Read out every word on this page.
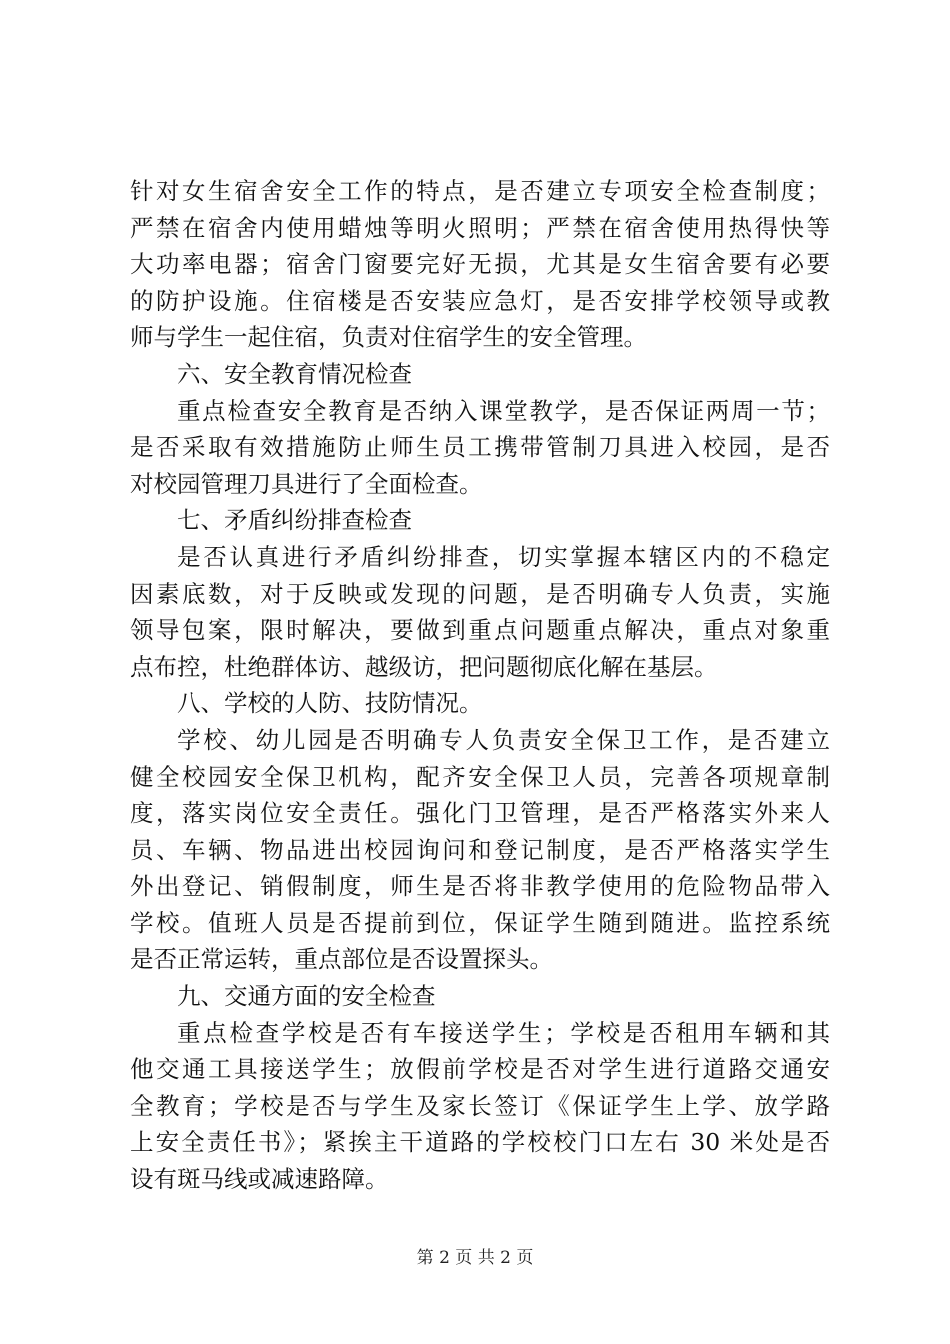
针对女生宿舍安全工作的特点，是否建立专项安全检查制度；
严禁在宿舍内使用蜡烛等明火照明；严禁在宿舍使用热得快等
大功率电器；宿舍门窗要完好无损，尤其是女生宿舍要有必要
的防护设施。住宿楼是否安装应急灯，是否安排学校领导或教
师与学生一起住宿，负责对住宿学生的安全管理。
六、安全教育情况检查
重点检查安全教育是否纳入课堂教学，是否保证两周一节；
是否采取有效措施防止师生员工携带管制刀具进入校园，是否
对校园管理刀具进行了全面检查。
七、矛盾纠纷排查检查
是否认真进行矛盾纠纷排查，切实掌握本辖区内的不稳定
因素底数，对于反映或发现的问题，是否明确专人负责，实施
领导包案，限时解决，要做到重点问题重点解决，重点对象重
点布控，杜绝群体访、越级访，把问题彻底化解在基层。
八、学校的人防、技防情况。
学校、幼儿园是否明确专人负责安全保卫工作，是否建立
健全校园安全保卫机构，配齐安全保卫人员，完善各项规章制
度，落实岗位安全责任。强化门卫管理，是否严格落实外来人
员、车辆、物品进出校园询问和登记制度，是否严格落实学生
外出登记、销假制度，师生是否将非教学使用的危险物品带入
学校。值班人员是否提前到位，保证学生随到随进。监控系统
是否正常运转，重点部位是否设置探头。
九、交通方面的安全检查
重点检查学校是否有车接送学生；学校是否租用车辆和其
他交通工具接送学生；放假前学校是否对学生进行道路交通安
全教育；学校是否与学生及家长签订《保证学生上学、放学路
上安全责任书》；紧挨主干道路的学校校门口左右 30 米处是否
设有斑马线或减速路障。
第 2 页 共 2 页
